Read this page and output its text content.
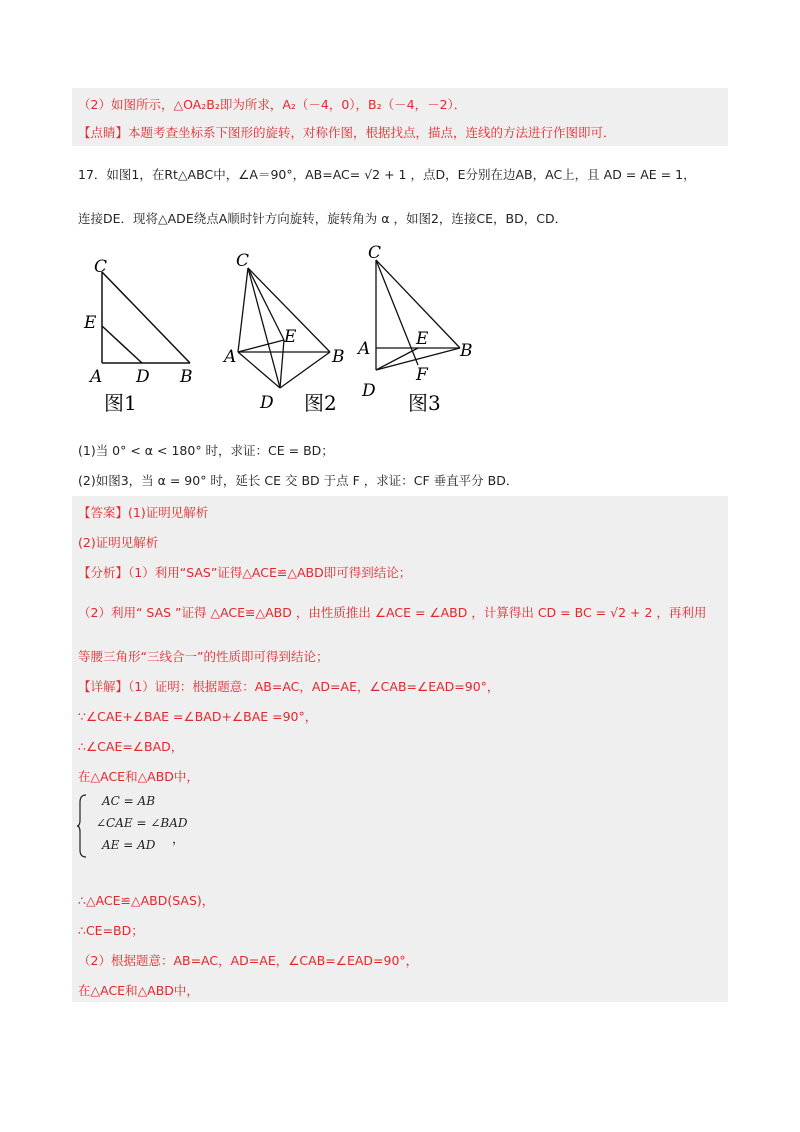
（2）如图所示，△OA₂B₂即为所求，A₂（－4，0），B₂（－4，－2）．
【点睛】本题考查坐标系下图形的旋转，对称作图，根据找点，描点，连线的方法进行作图即可．
17．如图1，在Rt△ABC中，∠A＝90°，AB=AC= √2 + 1 ，点D，E分别在边AB，AC上，且 AD = AE = 1，
连接DE．现将△ADE绕点A顺时针方向旋转，旋转角为 α ，如图2，连接CE，BD，CD．
C
E
A D B
图1
C
E
A	B
D 图2
C
A	E
B
F
D 图3
(1)当 0° < α < 180° 时，求证：CE = BD；
(2)如图3，当 α = 90° 时，延长 CE 交 BD 于点 F ，求证：CF 垂直平分 BD．
【答案】(1)证明见解析
(2)证明见解析
【分析】（1）利用“SAS”证得△ACE≌△ABD即可得到结论；
（2）利用“ SAS ”证得 △ACE≌△ABD ，由性质推出 ∠ACE = ∠ABD ，计算得出 CD = BC = √2 + 2 ，再利用
等腰三角形“三线合一”的性质即可得到结论；
【详解】（1）证明：根据题意：AB=AC，AD=AE，∠CAB=∠EAD=90°，
∵∠CAE+∠BAE =∠BAD+∠BAE =90°，
∴∠CAE=∠BAD，
在△ACE和△ABD中，
AC = AB
∠CAE = ∠BAD
AE = AD ，
∴△ACE≌△ABD(SAS)，
∴CE=BD；
（2）根据题意：AB=AC，AD=AE，∠CAB=∠EAD=90°，
在△ACE和△ABD中，
